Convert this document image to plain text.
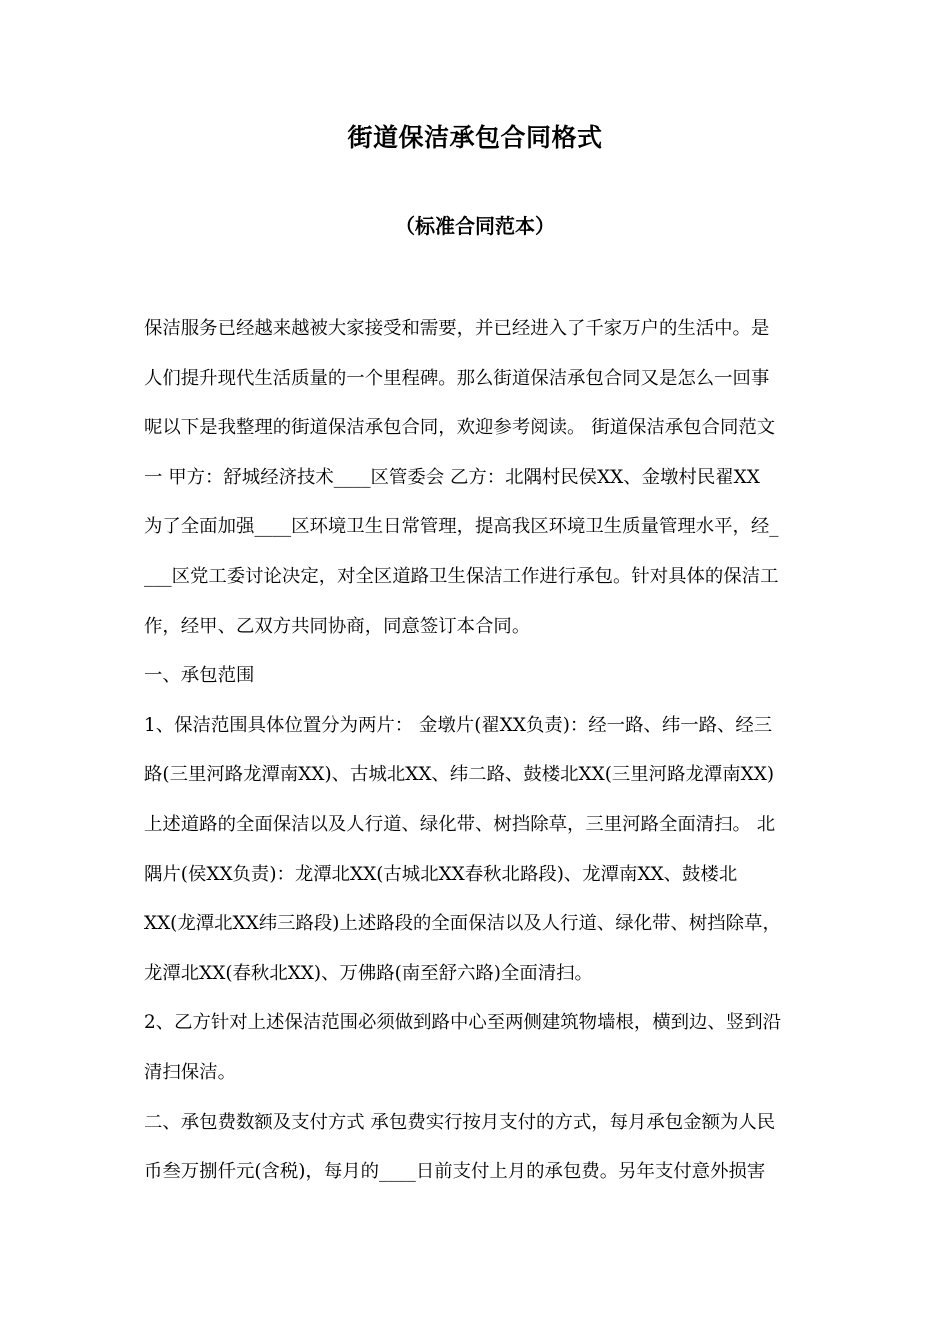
街道保洁承包合同格式
（标准合同范本）
保洁服务已经越来越被大家接受和需要，并已经进入了千家万户的生活中。是
人们提升现代生活质量的一个里程碑。那么街道保洁承包合同又是怎么一回事
呢以下是我整理的街道保洁承包合同，欢迎参考阅读。 街道保洁承包合同范文
一 甲方：舒城经济技术____区管委会 乙方：北隅村民侯XX、金墩村民翟XX
为了全面加强____区环境卫生日常管理，提高我区环境卫生质量管理水平，经_
___区党工委讨论决定，对全区道路卫生保洁工作进行承包。针对具体的保洁工
作，经甲、乙双方共同协商，同意签订本合同。
一、承包范围
1、保洁范围具体位置分为两片： 金墩片(翟XX负责)：经一路、纬一路、经三
路(三里河路龙潭南XX)、古城北XX、纬二路、鼓楼北XX(三里河路龙潭南XX)
上述道路的全面保洁以及人行道、绿化带、树挡除草，三里河路全面清扫。 北
隅片(侯XX负责)：龙潭北XX(古城北XX春秋北路段)、龙潭南XX、鼓楼北
XX(龙潭北XX纬三路段)上述路段的全面保洁以及人行道、绿化带、树挡除草，
龙潭北XX(春秋北XX)、万佛路(南至舒六路)全面清扫。
2、乙方针对上述保洁范围必须做到路中心至两侧建筑物墙根，横到边、竖到沿
清扫保洁。
二、承包费数额及支付方式 承包费实行按月支付的方式，每月承包金额为人民
币叁万捌仟元(含税)，每月的____日前支付上月的承包费。另年支付意外损害
